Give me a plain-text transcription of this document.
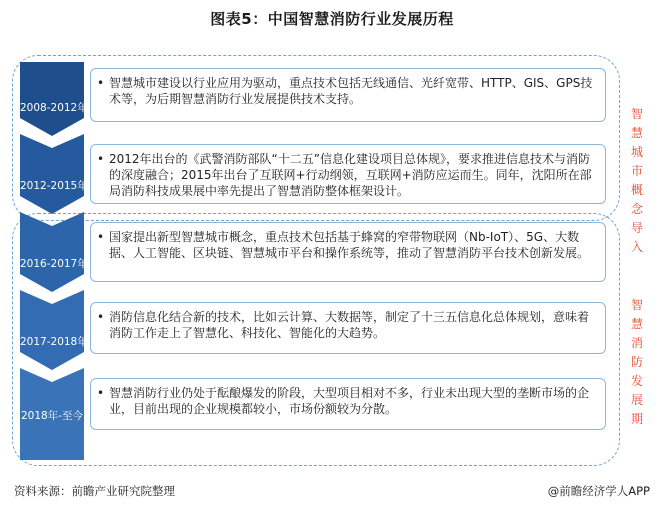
图表5：中国智慧消防行业发展历程
智
慧
城
市
概
念
导
入
智
慧
消
防
发
展
期
2008-2012年
• 智慧城市建设以行业应用为驱动，重点技术包括无线通信、光纤宽带、HTTP、GIS、GPS技术等，为后期智慧消防行业发展提供技术支持。
2012-2015年
• 2012年出台的《武警消防部队“十二五”信息化建设项目总体规》，要求推进信息技术与消防的深度融合；2015年出台了互联网+行动纲领，互联网+消防应运而生。同年，沈阳所在部局消防科技成果展中率先提出了智慧消防整体框架设计。
2016-2017年
• 国家提出新型智慧城市概念，重点技术包括基于蜂窝的窄带物联网（Nb-IoT）、5G、大数据、人工智能、区块链、智慧城市平台和操作系统等，推动了智慧消防平台技术创新发展。
2017-2018年
• 消防信息化结合新的技术，比如云计算、大数据等，制定了十三五信息化总体规划，意味着消防工作走上了智慧化、科技化、智能化的大趋势。
2018年-至今
• 智慧消防行业仍处于酝酿爆发的阶段，大型项目相对不多，行业未出现大型的垄断市场的企业，目前出现的企业规模都较小，市场份额较为分散。
资料来源：前瞻产业研究院整理	@前瞻经济学人APP
